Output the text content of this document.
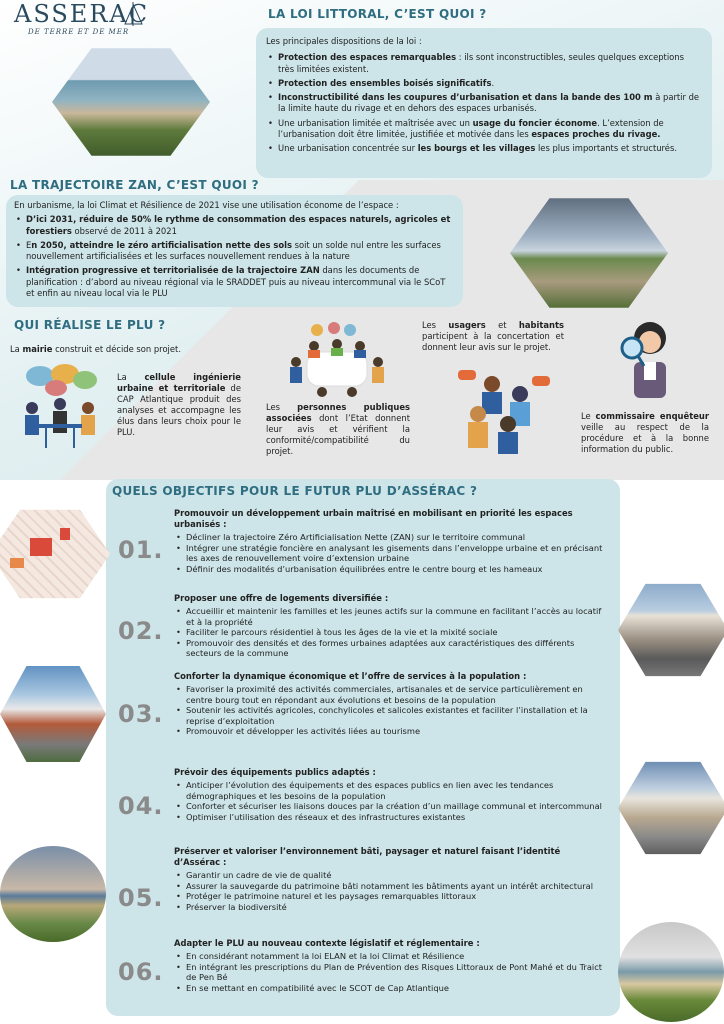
ASSERAC
DE TERRE ET DE MER
LA LOI LITTORAL, C’EST QUOI ?
Les principales dispositions de la loi :
• Protection des espaces remarquables : ils sont inconstructibles, seules quelques exceptions très limitées existent.
• Protection des ensembles boisés significatifs.
• Inconstructibilité dans les coupures d’urbanisation et dans la bande des 100 m à partir de la limite haute du rivage et en dehors des espaces urbanisés.
• Une urbanisation limitée et maîtrisée avec un usage du foncier économe. L’extension de l’urbanisation doit être limitée, justifiée et motivée dans les espaces proches du rivage.
• Une urbanisation concentrée sur les bourgs et les villages les plus importants et structurés.
LA TRAJECTOIRE ZAN, C’EST QUOI ?
En urbanisme, la loi Climat et Résilience de 2021 vise une utilisation économe de l’espace :
• D’ici 2031, réduire de 50% le rythme de consommation des espaces naturels, agricoles et forestiers observé de 2011 à 2021
• En 2050, atteindre le zéro artificialisation nette des sols soit un solde nul entre les surfaces nouvellement artificialisées et les surfaces nouvellement rendues à la nature
• Intégration progressive et territorialisée de la trajectoire ZAN dans les documents de planification : d’abord au niveau régional via le SRADDET puis au niveau intercommunal via le SCoT et enfin au niveau local via le PLU
QUI RÉALISE LE PLU ?
La mairie construit et décide son projet.
La cellule ingénierie urbaine et territoriale de CAP Atlantique produit des analyses et accompagne les élus dans leurs choix pour le PLU.
Les personnes publiques associées dont l’Etat donnent leur avis et vérifient la conformité/compatibilité du projet.
Les usagers et habitants participent à la concertation et donnent leur avis sur le projet.
Le commissaire enquêteur veille au respect de la procédure et à la bonne information du public.
QUELS OBJECTIFS POUR LE FUTUR PLU D’ASSÉRAC ?
01.
Promouvoir un développement urbain maîtrisé en mobilisant en priorité les espaces urbanisés :
• Décliner la trajectoire Zéro Artificialisation Nette (ZAN) sur le territoire communal
• Intégrer une stratégie foncière en analysant les gisements dans l’enveloppe urbaine et en précisant les axes de renouvellement voire d’extension urbaine
• Définir des modalités d’urbanisation équilibrées entre le centre bourg et les hameaux
02.
Proposer une offre de logements diversifiée :
• Accueillir et maintenir les familles et les jeunes actifs sur la commune en facilitant l’accès au locatif et à la propriété
• Faciliter le parcours résidentiel à tous les âges de la vie et la mixité sociale
• Promouvoir des densités et des formes urbaines adaptées aux caractéristiques des différents secteurs de la commune
03.
Conforter la dynamique économique et l’offre de services à la population :
• Favoriser la proximité des activités commerciales, artisanales et de service particulièrement en centre bourg tout en répondant aux évolutions et besoins de la population
• Soutenir les activités agricoles, conchylicoles et salicoles existantes et faciliter l’installation et la reprise d’exploitation
• Promouvoir et développer les activités liées au tourisme
04.
Prévoir des équipements publics adaptés :
• Anticiper l’évolution des équipements et des espaces publics en lien avec les tendances démographiques et les besoins de la population
• Conforter et sécuriser les liaisons douces par la création d’un maillage communal et intercommunal
• Optimiser l’utilisation des réseaux et des infrastructures existantes
05.
Préserver et valoriser l’environnement bâti, paysager et naturel faisant l’identité d’Assérac :
• Garantir un cadre de vie de qualité
• Assurer la sauvegarde du patrimoine bâti notamment les bâtiments ayant un intérêt architectural
• Protéger le patrimoine naturel et les paysages remarquables littoraux
• Préserver la biodiversité
06.
Adapter le PLU au nouveau contexte législatif et réglementaire :
• En considérant notamment la loi ELAN et la loi Climat et Résilience
• En intégrant les prescriptions du Plan de Prévention des Risques Littoraux de Pont Mahé et du Traict de Pen Bé
• En se mettant en compatibilité avec le SCOT de Cap Atlantique
